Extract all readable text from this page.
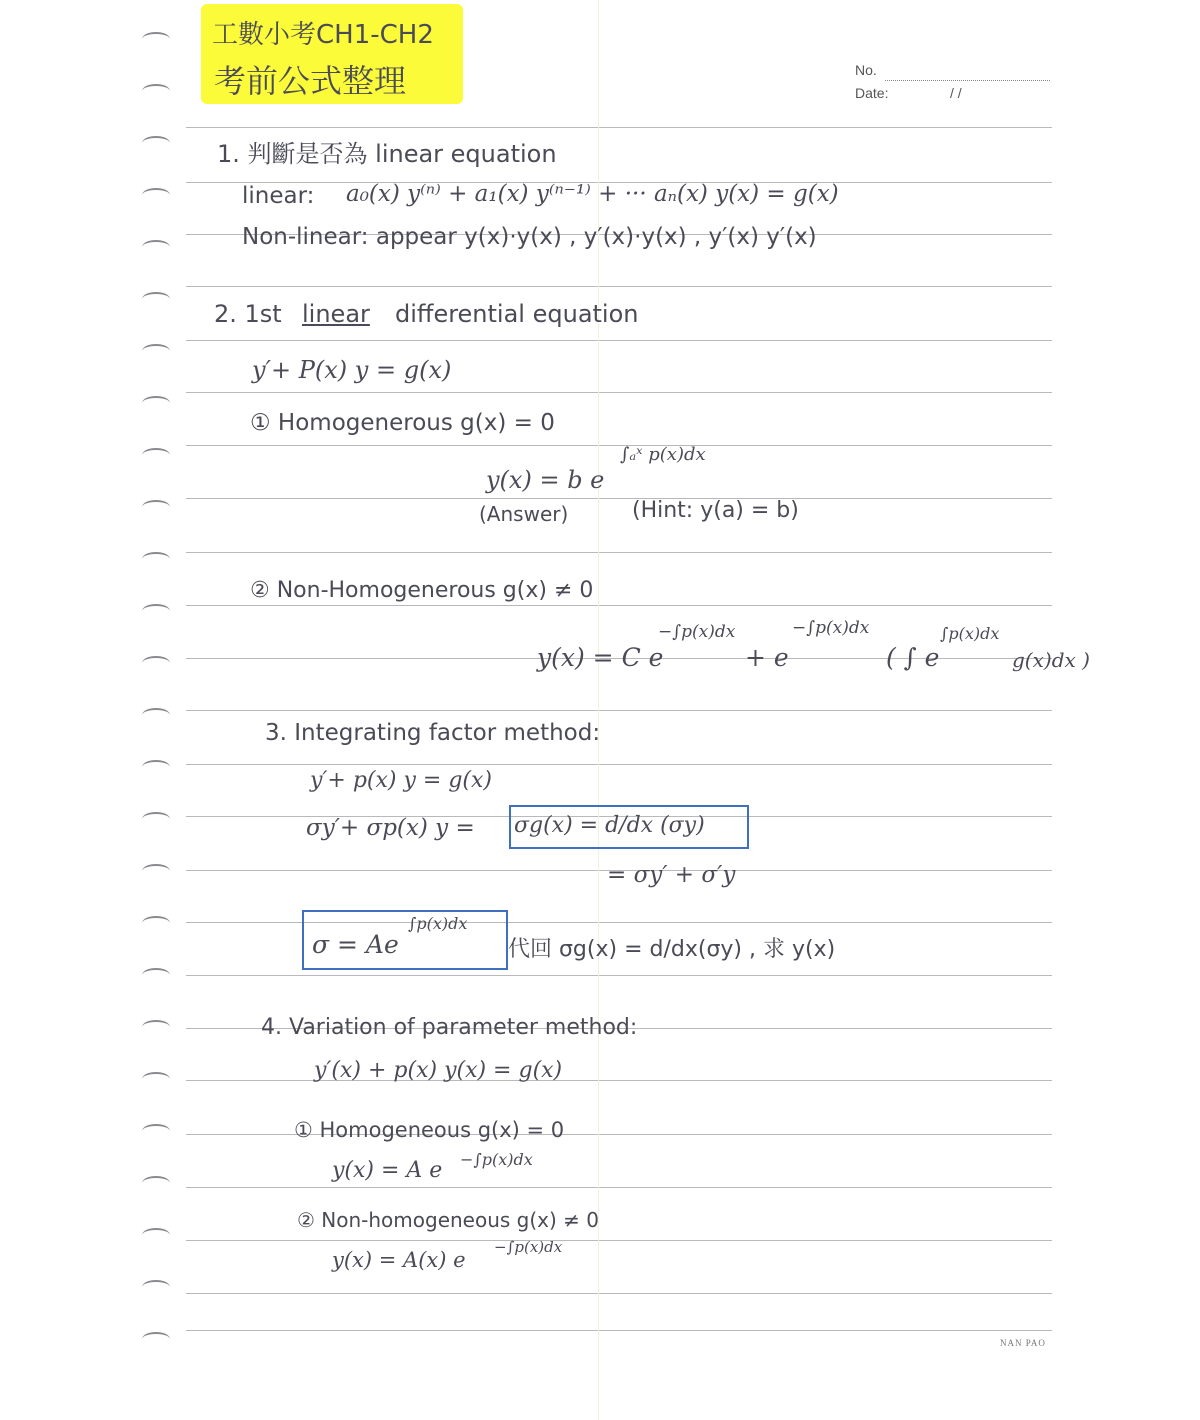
工數小考CH1-CH2
考前公式整理	No.
Date:	/ /
1. 判斷是否為 linear equation
linear: a₀(x) y⁽ⁿ⁾ + a₁(x) y⁽ⁿ⁻¹⁾ + ··· aₙ(x) y(x) = g(x)
Non-linear: appear y(x)·y(x) , y′(x)·y(x) , y′(x) y′(x)
2. 1st linear differential equation
y′+ P(x) y = g(x)
① Homogenerous g(x) = 0
y(x) = b e
∫ₐˣ p(x)dx
(Answer)	(Hint: y(a) = b)
② Non-Homogenerous g(x) ≠ 0
y(x) = C e
−∫p(x)dx
+ e
−∫p(x)dx
( ∫ e
∫p(x)dx
g(x)dx )
3. Integrating factor method:
y′+ p(x) y = g(x)
σy′+ σp(x) y = σg(x) = d/dx (σy)
= σy′ + σ′y
σ = Ae
∫p(x)dx
代回 σg(x) = d/dx(σy) , 求 y(x)
4. Variation of parameter method:
y′(x) + p(x) y(x) = g(x)
① Homogeneous g(x) = 0
y(x) = A e −∫p(x)dx
② Non-homogeneous g(x) ≠ 0
y(x) = A(x) e
−∫p(x)dx
NAN PAO
